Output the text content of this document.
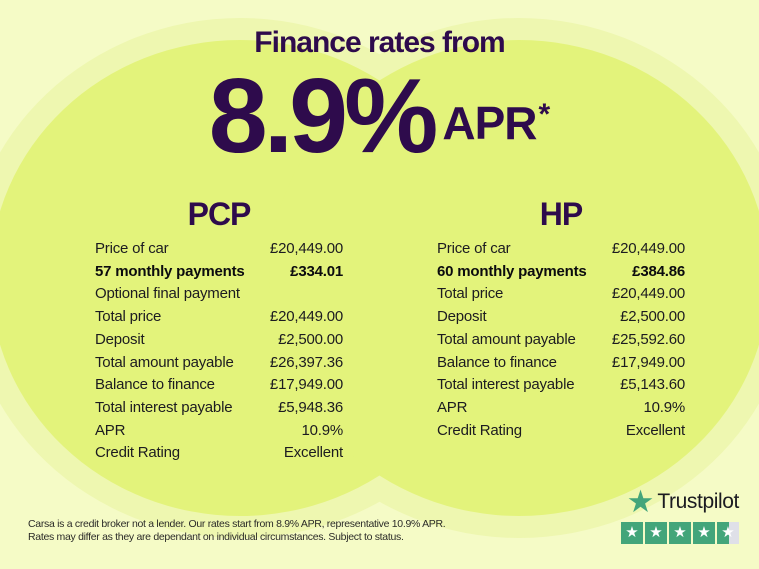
Finance rates from
8.9% APR*
PCP	HP
Price of car	£20,449.00
57 monthly payments	£334.01
Optional final payment
Total price	£20,449.00
Deposit	£2,500.00
Total amount payable £26,397.36
Balance to finance	£17,949.00
Total interest payable	£5,948.36
APR	10.9%
Credit Rating	Excellent
Price of car	£20,449.00
60 monthly payments	£384.86
Total price	£20,449.00
Deposit	£2,500.00
Total amount payable £25,592.60
Balance to finance	£17,949.00
Total interest payable	£5,143.60
APR	10.9%
Credit Rating	Excellent
Carsa is a credit broker not a lender. Our rates start from 8.9% APR, representative 10.9% APR.
Rates may differ as they are dependant on individual circumstances. Subject to status.
★ Trustpilot
★ ★ ★ ★ ★
